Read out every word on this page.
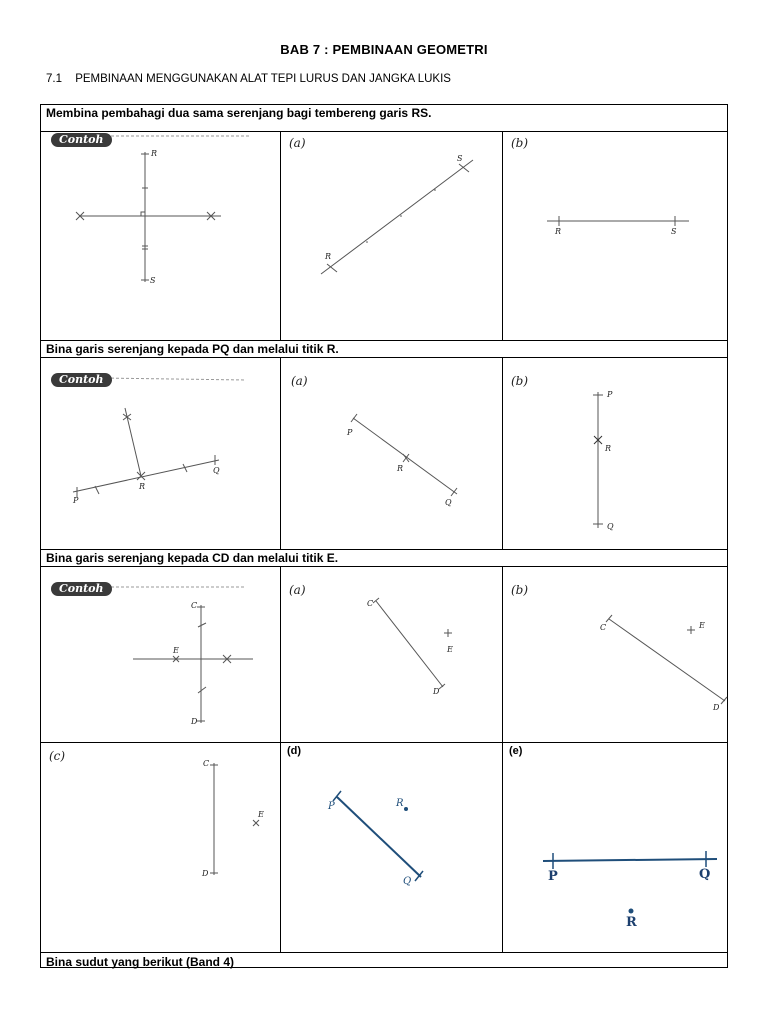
BAB 7 : PEMBINAAN GEOMETRI
7.1 PEMBINAAN MENGGUNAKAN ALAT TEPI LURUS DAN JANGKA LUKIS
Membina pembahagi dua sama serenjang bagi tembereng garis RS.
Bina garis serenjang kepada PQ dan melalui titik R.
Bina garis serenjang kepada CD dan melalui titik E.
Bina sudut yang berikut (Band 4)
Contoh
R
S
(a)
R
S
(b)
R	S
Contoh
P
R
Q
(a)
P
R
Q
(b)
P
R
Q
Contoh
C
E
D
(a)
C
E
D
(b)
C	E
D
(c)
C
E
D
(d)
P	R
Q
(e)
P	Q
R
